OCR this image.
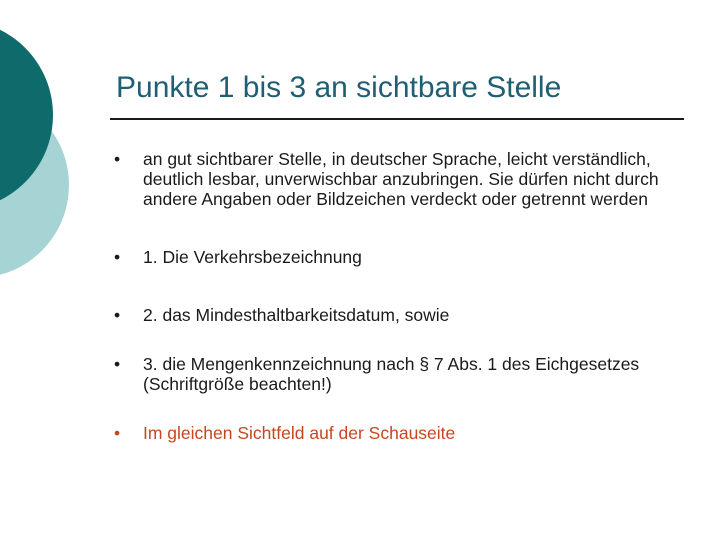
Punkte 1 bis 3 an sichtbare Stelle
• an gut sichtbarer Stelle, in deutscher Sprache, leicht verständlich, deutlich lesbar, unverwischbar anzubringen. Sie dürfen nicht durch andere Angaben oder Bildzeichen verdeckt oder getrennt werden
• 1. Die Verkehrsbezeichnung
• 2. das Mindesthaltbarkeitsdatum, sowie
• 3. die Mengenkennzeichnung nach § 7 Abs. 1 des Eichgesetzes (Schriftgröße beachten!)
• Im gleichen Sichtfeld auf der Schauseite
